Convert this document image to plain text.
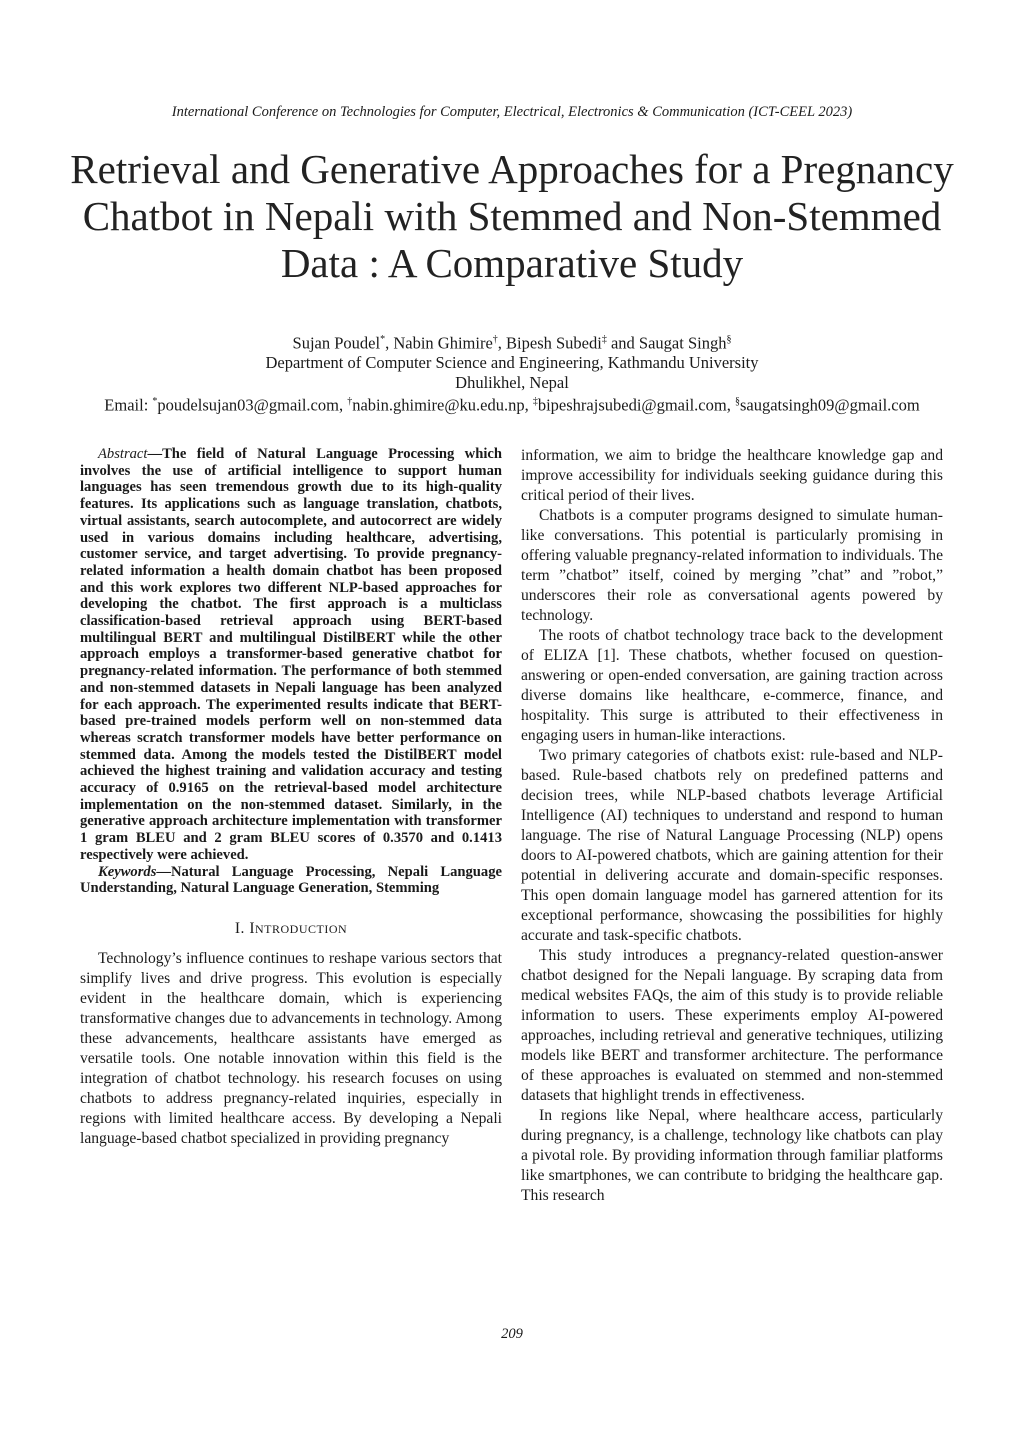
International Conference on Technologies for Computer, Electrical, Electronics & Communication (ICT-CEEL 2023)
Retrieval and Generative Approaches for a Pregnancy Chatbot in Nepali with Stemmed and Non-Stemmed Data : A Comparative Study
Sujan Poudel*, Nabin Ghimire†, Bipesh Subedi‡ and Saugat Singh§
Department of Computer Science and Engineering, Kathmandu University
Dhulikhel, Nepal
Email: *poudelsujan03@gmail.com, †nabin.ghimire@ku.edu.np, ‡bipeshrajsubedi@gmail.com, §saugatsingh09@gmail.com

Abstract—The field of Natural Language Processing which involves the use of artificial intelligence to support human languages has seen tremendous growth due to its high-quality features. Its applications such as language translation, chatbots, virtual assistants, search autocomplete, and autocorrect are widely used in various domains including healthcare, advertising, customer service, and target advertising. To provide pregnancy-related information a health domain chatbot has been proposed and this work explores two different NLP-based approaches for developing the chatbot. The first approach is a multiclass classification-based retrieval approach using BERT-based multilingual BERT and multilingual DistilBERT while the other approach employs a transformer-based generative chatbot for pregnancy-related information. The performance of both stemmed and non-stemmed datasets in Nepali language has been analyzed for each approach. The experimented results indicate that BERT-based pre-trained models perform well on non-stemmed data whereas scratch transformer models have better performance on stemmed data. Among the models tested the DistilBERT model achieved the highest training and validation accuracy and testing accuracy of 0.9165 on the retrieval-based model architecture implementation on the non-stemmed dataset. Similarly, in the generative approach architecture implementation with transformer 1 gram BLEU and 2 gram BLEU scores of 0.3570 and 0.1413 respectively were achieved.

Keywords—Natural Language Processing, Nepali Language Understanding, Natural Language Generation, Stemming

I. INTRODUCTION

Technology’s influence continues to reshape various sectors that simplify lives and drive progress. This evolution is especially evident in the healthcare domain, which is experiencing transformative changes due to advancements in technology. Among these advancements, healthcare assistants have emerged as versatile tools. One notable innovation within this field is the integration of chatbot technology. his research focuses on using chatbots to address pregnancy-related inquiries, especially in regions with limited healthcare access. By developing a Nepali language-based chatbot specialized in providing pregnancy

information, we aim to bridge the healthcare knowledge gap and improve accessibility for individuals seeking guidance during this critical period of their lives.

Chatbots is a computer programs designed to simulate human-like conversations. This potential is particularly promising in offering valuable pregnancy-related information to individuals. The term ”chatbot” itself, coined by merging ”chat” and ”robot,” underscores their role as conversational agents powered by technology.

The roots of chatbot technology trace back to the development of ELIZA [1]. These chatbots, whether focused on question-answering or open-ended conversation, are gaining traction across diverse domains like healthcare, e-commerce, finance, and hospitality. This surge is attributed to their effectiveness in engaging users in human-like interactions.

Two primary categories of chatbots exist: rule-based and NLP-based. Rule-based chatbots rely on predefined patterns and decision trees, while NLP-based chatbots leverage Artificial Intelligence (AI) techniques to understand and respond to human language. The rise of Natural Language Processing (NLP) opens doors to AI-powered chatbots, which are gaining attention for their potential in delivering accurate and domain-specific responses. This open domain language model has garnered attention for its exceptional performance, showcasing the possibilities for highly accurate and task-specific chatbots.

This study introduces a pregnancy-related question-answer chatbot designed for the Nepali language. By scraping data from medical websites FAQs, the aim of this study is to provide reliable information to users. These experiments employ AI-powered approaches, including retrieval and generative techniques, utilizing models like BERT and transformer architecture. The performance of these approaches is evaluated on stemmed and non-stemmed datasets that highlight trends in effectiveness.

In regions like Nepal, where healthcare access, particularly during pregnancy, is a challenge, technology like chatbots can play a pivotal role. By providing information through familiar platforms like smartphones, we can contribute to bridging the healthcare gap. This research

209
